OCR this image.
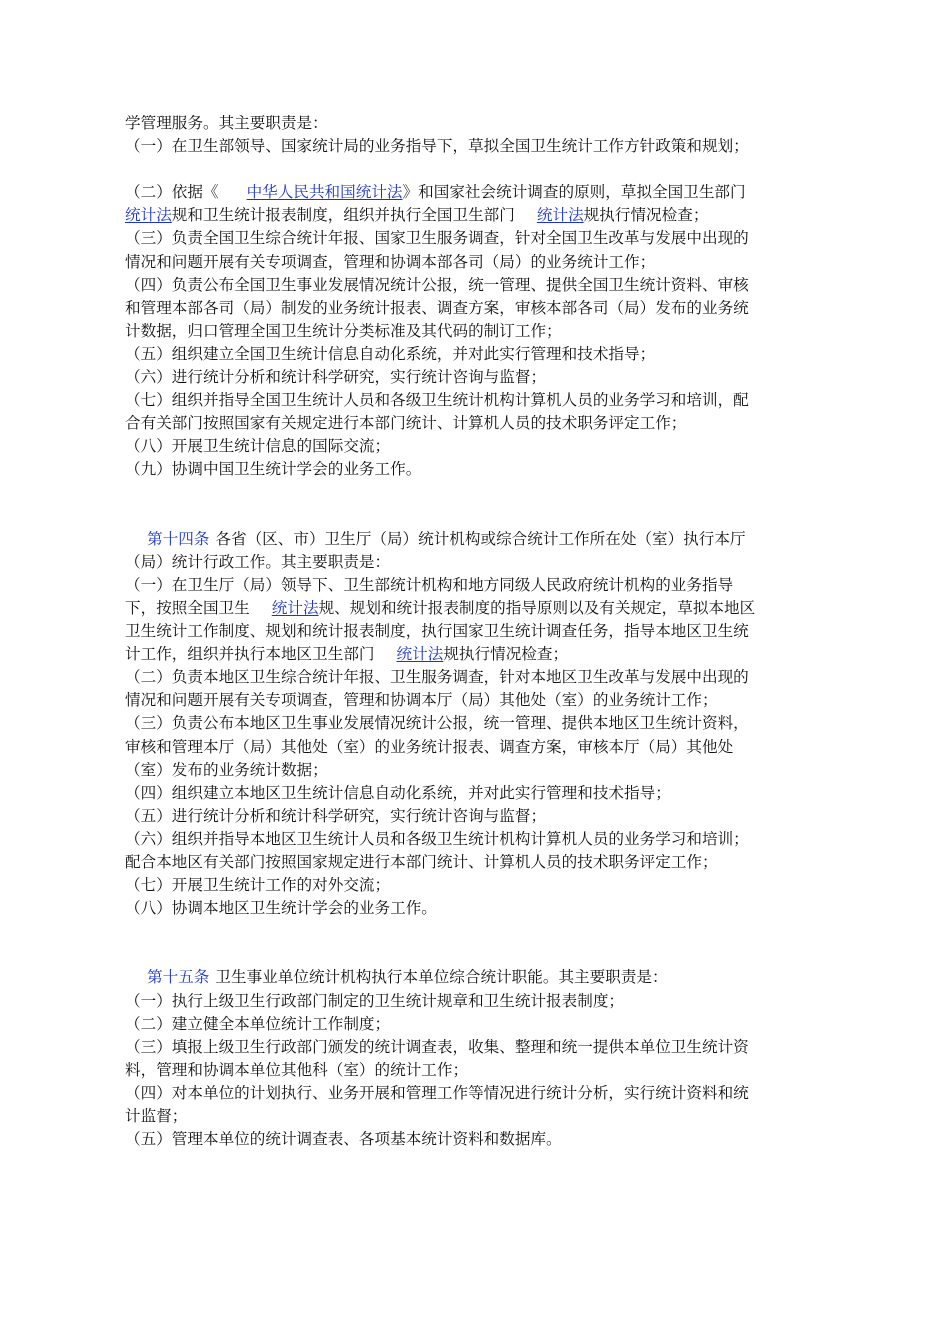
学管理服务。其主要职责是：
（一）在卫生部领导、国家统计局的业务指导下，草拟全国卫生统计工作方针政策和规划；
（二）依据《 中华人民共和国统计法》和国家社会统计调查的原则，草拟全国卫生部门
统计法规和卫生统计报表制度，组织并执行全国卫生部门 统计法规执行情况检查；
（三）负责全国卫生综合统计年报、国家卫生服务调查，针对全国卫生改革与发展中出现的
情况和问题开展有关专项调查，管理和协调本部各司（局）的业务统计工作；
（四）负责公布全国卫生事业发展情况统计公报，统一管理、提供全国卫生统计资料、审核
和管理本部各司（局）制发的业务统计报表、调查方案，审核本部各司（局）发布的业务统
计数据，归口管理全国卫生统计分类标准及其代码的制订工作；
（五）组织建立全国卫生统计信息自动化系统，并对此实行管理和技术指导；
（六）进行统计分析和统计科学研究，实行统计咨询与监督；
（七）组织并指导全国卫生统计人员和各级卫生统计机构计算机人员的业务学习和培训，配
合有关部门按照国家有关规定进行本部门统计、计算机人员的技术职务评定工作；
（八）开展卫生统计信息的国际交流；
（九）协调中国卫生统计学会的业务工作。
第十四条 各省（区、市）卫生厅（局）统计机构或综合统计工作所在处（室）执行本厅
（局）统计行政工作。其主要职责是：
（一）在卫生厅（局）领导下、卫生部统计机构和地方同级人民政府统计机构的业务指导
下，按照全国卫生 统计法规、规划和统计报表制度的指导原则以及有关规定，草拟本地区
卫生统计工作制度、规划和统计报表制度，执行国家卫生统计调查任务，指导本地区卫生统
计工作，组织并执行本地区卫生部门 统计法规执行情况检查；
（二）负责本地区卫生综合统计年报、卫生服务调查，针对本地区卫生改革与发展中出现的
情况和问题开展有关专项调查，管理和协调本厅（局）其他处（室）的业务统计工作；
（三）负责公布本地区卫生事业发展情况统计公报，统一管理、提供本地区卫生统计资料，
审核和管理本厅（局）其他处（室）的业务统计报表、调查方案，审核本厅（局）其他处
（室）发布的业务统计数据；
（四）组织建立本地区卫生统计信息自动化系统，并对此实行管理和技术指导；
（五）进行统计分析和统计科学研究，实行统计咨询与监督；
（六）组织并指导本地区卫生统计人员和各级卫生统计机构计算机人员的业务学习和培训；
配合本地区有关部门按照国家规定进行本部门统计、计算机人员的技术职务评定工作；
（七）开展卫生统计工作的对外交流；
（八）协调本地区卫生统计学会的业务工作。
第十五条 卫生事业单位统计机构执行本单位综合统计职能。其主要职责是：
（一）执行上级卫生行政部门制定的卫生统计规章和卫生统计报表制度；
（二）建立健全本单位统计工作制度；
（三）填报上级卫生行政部门颁发的统计调查表，收集、整理和统一提供本单位卫生统计资
料，管理和协调本单位其他科（室）的统计工作；
（四）对本单位的计划执行、业务开展和管理工作等情况进行统计分析，实行统计资料和统
计监督；
（五）管理本单位的统计调查表、各项基本统计资料和数据库。
